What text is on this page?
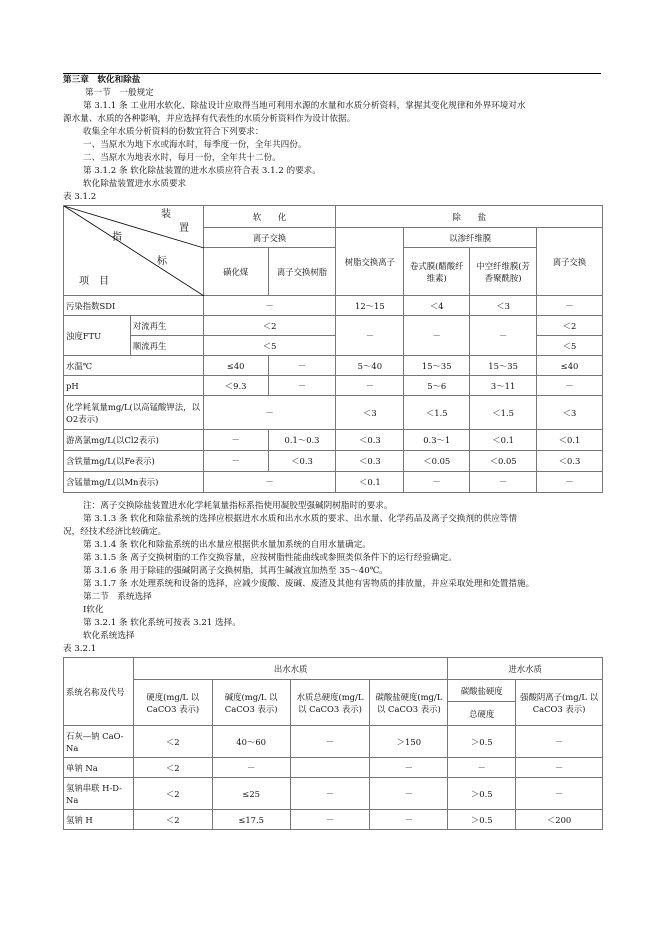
第三章　软化和除盐
第一节　一般规定
第 3.1.1 条 工业用水软化、除盐设计应取得当地可利用水源的水量和水质分析资料，掌握其变化规律和外界环境对水
源水量、水质的各种影响，并应选择有代表性的水质分析资料作为设计依据。
收集全年水质分析资料的份数宜符合下列要求：
一、当原水为地下水或海水时，每季度一份，全年共四份。
二、当原水为地表水时，每月一份，全年共十二份。
第 3.1.2 条 软化除盐装置的进水水质应符合表 3.1.2 的要求。
软化除盐装置进水水质要求
表 3.1.2
装
置
指
标
项　目		软　　化		除　　盐			
		离子交换		树脂交换离子	以渗纤维膜		离子交换
		磺化煤	离子交换树脂		卷式膜(醋酸纤维素)	中空纤维膜(芳香聚酰胺)	
污染指数SDI		－		12～15	＜4	＜3	－
浊度FTU	对流再生	＜2		－	－	－	＜2
	顺流再生	＜5					＜5
水温℃		≤40	－	5～40	15～35	15～35	≤40
pH		＜9.3	－	－	5～6	3～11	－
化学耗氧量mg/L(以高锰酸钾法，以O2表示)		－		＜3	＜1.5	＜1.5	＜3
游离氯mg/L(以Cl2表示)		－	0.1～0.3	＜0.3	0.3～1	＜0.1	＜0.1
含铁量mg/L(以Fe表示)		－	＜0.3	＜0.3	＜0.05	＜0.05	＜0.3
含锰量mg/L(以Mn表示)		－		＜0.1	－	－	－
注：离子交换除盐装置进水化学耗氧量指标系指使用凝胶型强碱阴树脂时的要求。
第 3.1.3 条 软化和除盐系统的选择应根据进水水质和出水水质的要求、出水量、化学药品及离子交换剂的供应等情
况，经技术经济比较确定。
第 3.1.4 条 软化和除盐系统的出水量应根据供水量加系统的自用水量确定。
第 3.1.5 条 离子交换树脂的工作交换容量，应按树脂性能曲线或参照类似条件下的运行经验确定。
第 3.1.6 条 用于除硅的强碱阴离子交换树脂，其再生碱液宜加热至 35～40℃。
第 3.1.7 条 水处理系统和设备的选择，应减少废酸、废碱、废渣及其他有害物质的排放量，并应采取处理和处置措施。
第二节　系统选择
Ⅰ软化
第 3.2.1 条 软化系统可按表 3.21 选择。
软化系统选择
表 3.2.1
系统名称及代号	出水水质				进水水质	
	硬度(mg/L 以 CaCO3 表示)	碱度(mg/L 以 CaCO3 表示)	水质总硬度(mg/L 以 CaCO3 表示)	碳酸盐硬度(mg/L 以 CaCO3 表示)	碳酸盐硬度	强酸阴离子(mg/L 以 CaCO3 表示)
					总硬度	
石灰—钠 CaO-Na	＜2	40～60	－	＞150	＞0.5	－
单钠 Na	＜2	－		－	－	－
氢钠串联 H-D-Na	＜2	≤25	－	－	＞0.5	－
氢钠 H	＜2	≤17.5	－	－	＞0.5	＜200
